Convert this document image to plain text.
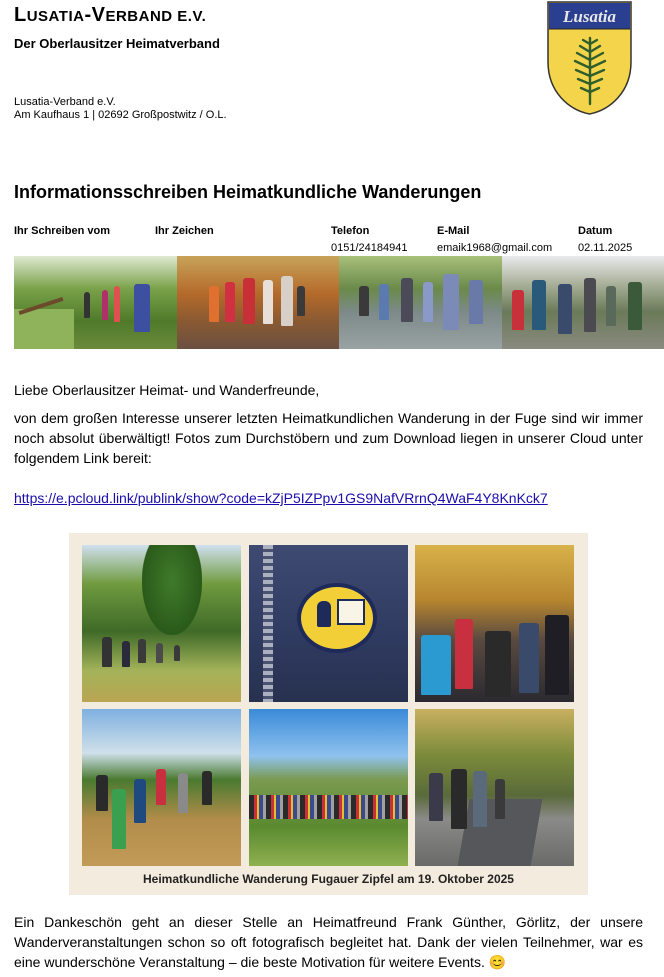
LUSATIA-VERBAND E.V.
Der Oberlausitzer Heimatverband
Lusatia-Verband e.V.
Am Kaufhaus 1 | 02692 Großpostwitz / O.L.
Lusatia
Informationsschreiben Heimatkundliche Wanderungen
Ihr Schreiben vom	Ihr Zeichen	Telefon
0151/24184941
E-Mail
emaik1968@gmail.com
Datum
02.11.2025
Liebe Oberlausitzer Heimat- und Wanderfreunde,
von dem großen Interesse unserer letzten Heimatkundlichen Wanderung in der Fuge sind wir immer noch absolut überwältigt! Fotos zum Durchstöbern und zum Download liegen in unserer Cloud unter folgendem Link bereit:
https://e.pcloud.link/publink/show?code=kZjP5IZPpv1GS9NafVRrnQ4WaF4Y8KnKck7
Heimatkundliche Wanderung Fugauer Zipfel am 19. Oktober 2025
Ein Dankeschön geht an dieser Stelle an Heimatfreund Frank Günther, Görlitz, der unsere Wanderveranstaltungen schon so oft fotografisch begleitet hat. Dank der vielen Teilnehmer, war es eine wunderschöne Veranstaltung – die beste Motivation für weitere Events. 😊
